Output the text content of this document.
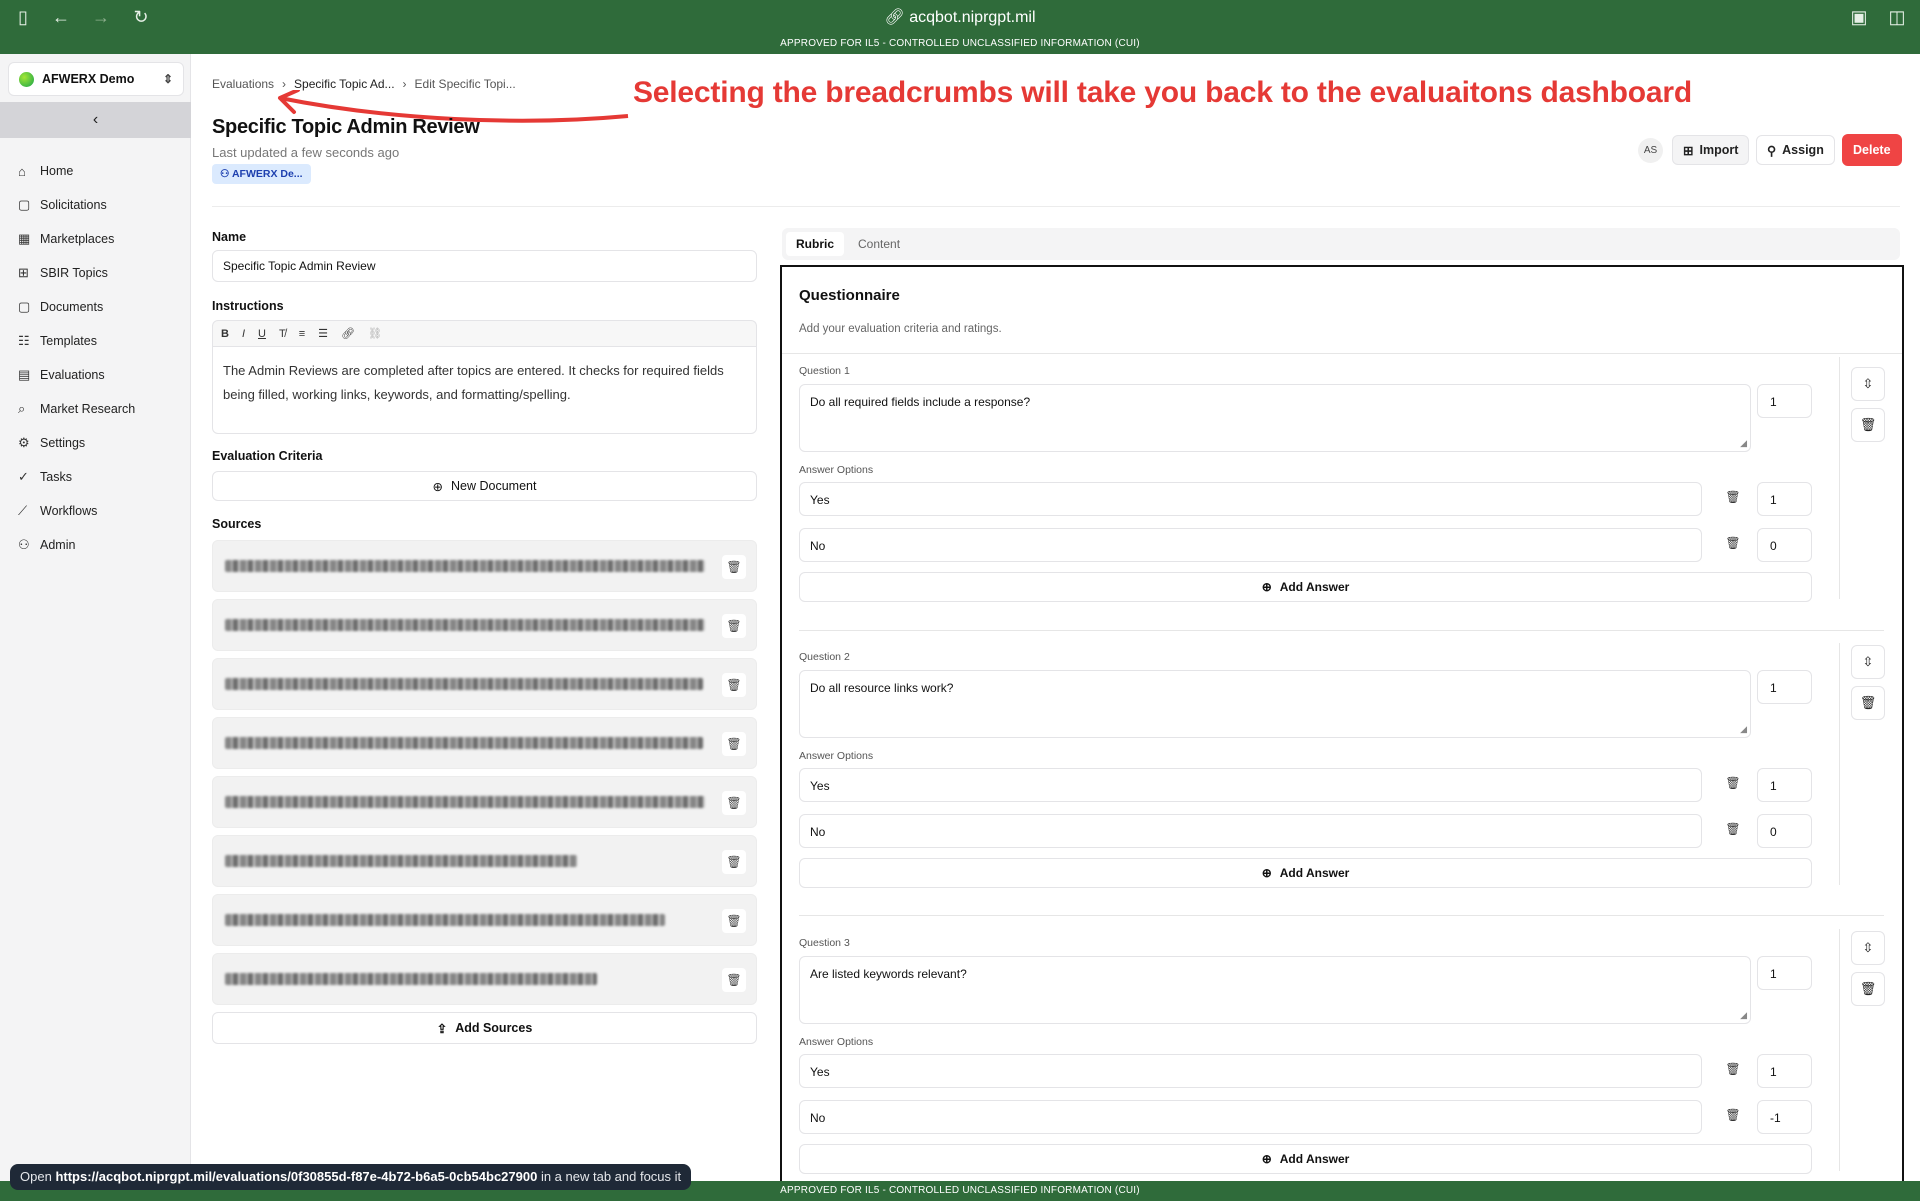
▯	← → ↻	🔗︎ acqbot.niprgpt.mil	▣ ◫
APPROVED FOR IL5 - CONTROLLED UNCLASSIFIED INFORMATION (CUI)
AFWERX Demo ⇕
‹
⌂	Home
▢ Solicitations
▦ Marketplaces
⊞ SBIR Topics
▢ Documents
☷ Templates
▤ Evaluations
⌕	Market Research
⚙︎ Settings
✓ Tasks
⟋	Workflows
⚇ Admin
Evaluations › Specific Topic Ad... › Edit Specific Topi...	Selecting the breadcrumbs will take you back to the evaluaitons dashboard
Specific Topic Admin Review
Last updated a few seconds ago
⚇ AFWERX De...
AS	⊞ Import ⚲ Assign Delete
Name
Specific Topic Admin Review
Instructions
B I U T̸ ≡ ☰ 🔗︎ ⛓︎
The Admin Reviews are completed after topics are entered. It checks for required fields being filled, working links, keywords, and formatting/spelling.
Evaluation Criteria
⊕ New Document
Sources
🗑︎
🗑︎
🗑︎
🗑︎
🗑︎
🗑︎
🗑︎
🗑︎
⇪ Add Sources
Rubric	Content
Questionnaire
Add your evaluation criteria and ratings.
Question 1
Do all required fields include a response?
◢
1
Answer Options
Yes	🗑︎	1
No	🗑︎	0
⊕ Add Answer
⇳
🗑︎
Question 2
Do all resource links work?
◢
1
Answer Options
Yes	🗑︎	1
No	🗑︎	0
⊕ Add Answer
⇳
🗑︎
Question 3
Are listed keywords relevant?
◢
1
Answer Options
Yes	🗑︎	1
No	🗑︎	-1
⊕ Add Answer
⇳
🗑︎
APPROVED FOR IL5 - CONTROLLED UNCLASSIFIED INFORMATION (CUI)
Open https://acqbot.niprgpt.mil/evaluations/0f30855d-f87e-4b72-b6a5-0cb54bc27900 in a new tab and focus it
